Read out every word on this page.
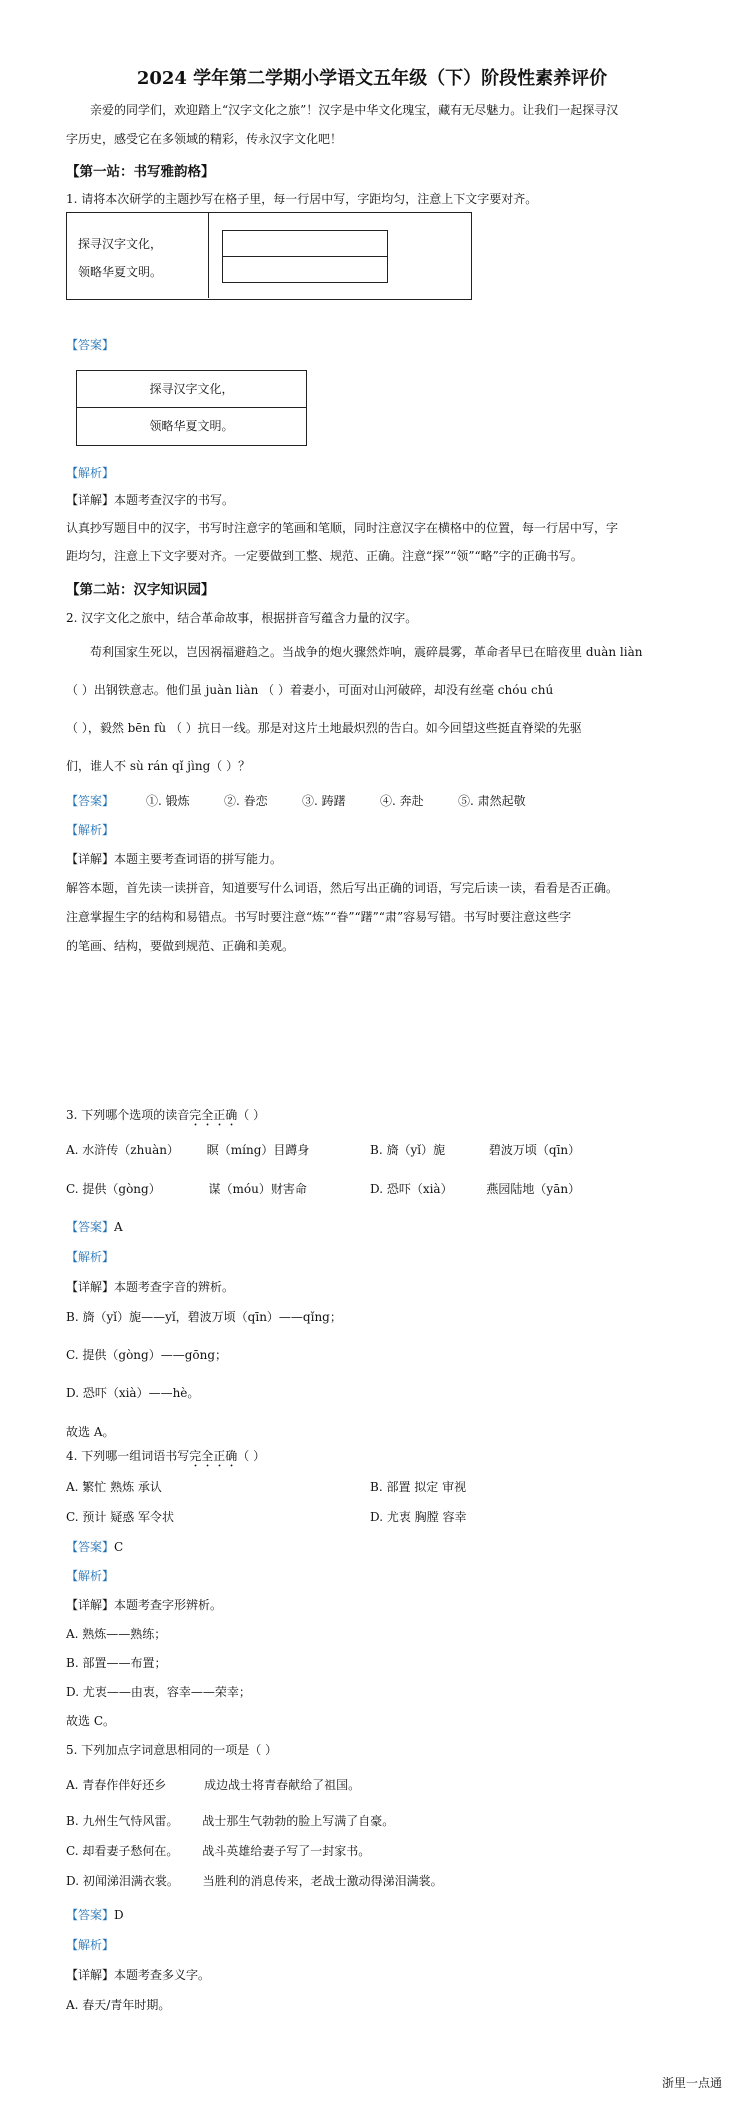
2024 学年第二学期小学语文五年级（下）阶段性素养评价
亲爱的同学们，欢迎踏上“汉字文化之旅”！汉字是中华文化瑰宝，藏有无尽魅力。让我们一起探寻汉
字历史，感受它在多领域的精彩，传永汉字文化吧！
【第一站：书写雅韵格】
1. 请将本次研学的主题抄写在格子里，每一行居中写，字距均匀，注意上下文字要对齐。
探寻汉字文化，
领略华夏文明。
【答案】
探寻汉字文化，
领略华夏文明。
【解析】
【详解】本题考查汉字的书写。
认真抄写题目中的汉字，书写时注意字的笔画和笔顺，同时注意汉字在横格中的位置，每一行居中写，字
距均匀，注意上下文字要对齐。一定要做到工整、规范、正确。注意“探”“领”“略”字的正确书写。
【第二站：汉字知识园】
2. 汉字文化之旅中，结合革命故事，根据拼音写蕴含力量的汉字。
苟利国家生死以，岂因祸福避趋之。当战争的炮火骤然炸响，震碎晨雾，革命者早已在暗夜里 duàn liàn
（ ）出钢铁意志。他们虽 juàn liàn （ ）着妻小，可面对山河破碎，却没有丝毫 chóu chú
（ ），毅然 bēn fù （ ）抗日一线。那是对这片土地最炽烈的告白。如今回望这些挺直脊梁的先驱
们，谁人不 sù rán qǐ jìng（ ）？
【答案】	①. 锻炼	②. 眷恋	③. 踌躇	④. 奔赴	⑤. 肃然起敬
【解析】
【详解】本题主要考查词语的拼写能力。
解答本题，首先读一读拼音，知道要写什么词语，然后写出正确的词语，写完后读一读，看看是否正确。
注意掌握生字的结构和易错点。书写时要注意“炼”“眷”“躇”“肃”容易写错。书写时要注意这些字
的笔画、结构，要做到规范、正确和美观。
3. 下列哪个选项的读音完全正确（ ）
A. 水浒传（zhuàn） 瞑（míng）目蹲身	B. 旖（yǐ）旎	碧波万顷（qīn）
C. 提供（gòng）	谋（móu）财害命	D. 恐吓（xià）	燕园陆地（yān）
【答案】A
【解析】
【详解】本题考查字音的辨析。
B. 旖（yǐ）旎——yǐ，碧波万顷（qīn）——qǐng；
C. 提供（gòng）——gōng；
D. 恐吓（xià）——hè。
故选 A。
4. 下列哪一组词语书写完全正确（ ）
A. 繁忙 熟炼 承认	B. 部置 拟定 审视
C. 预计 疑惑 军令状	D. 尤衷 胸膛 容幸
【答案】C
【解析】
【详解】本题考查字形辨析。
A. 熟炼——熟练；
B. 部置——布置；
D. 尤衷——由衷，容幸——荣幸；
故选 C。
5. 下列加点字词意思相同的一项是（ ）
A. 青春作伴好还乡	成边战士将青春献给了祖国。
B. 九州生气恃风雷。 战士那生气勃勃的脸上写满了自豪。
C. 却看妻子愁何在。 战斗英雄给妻子写了一封家书。
D. 初闻涕泪满衣裳。 当胜利的消息传来，老战士激动得涕泪满裳。
【答案】D
【解析】
【详解】本题考查多义字。
A. 春天/青年时期。
浙里一点通
